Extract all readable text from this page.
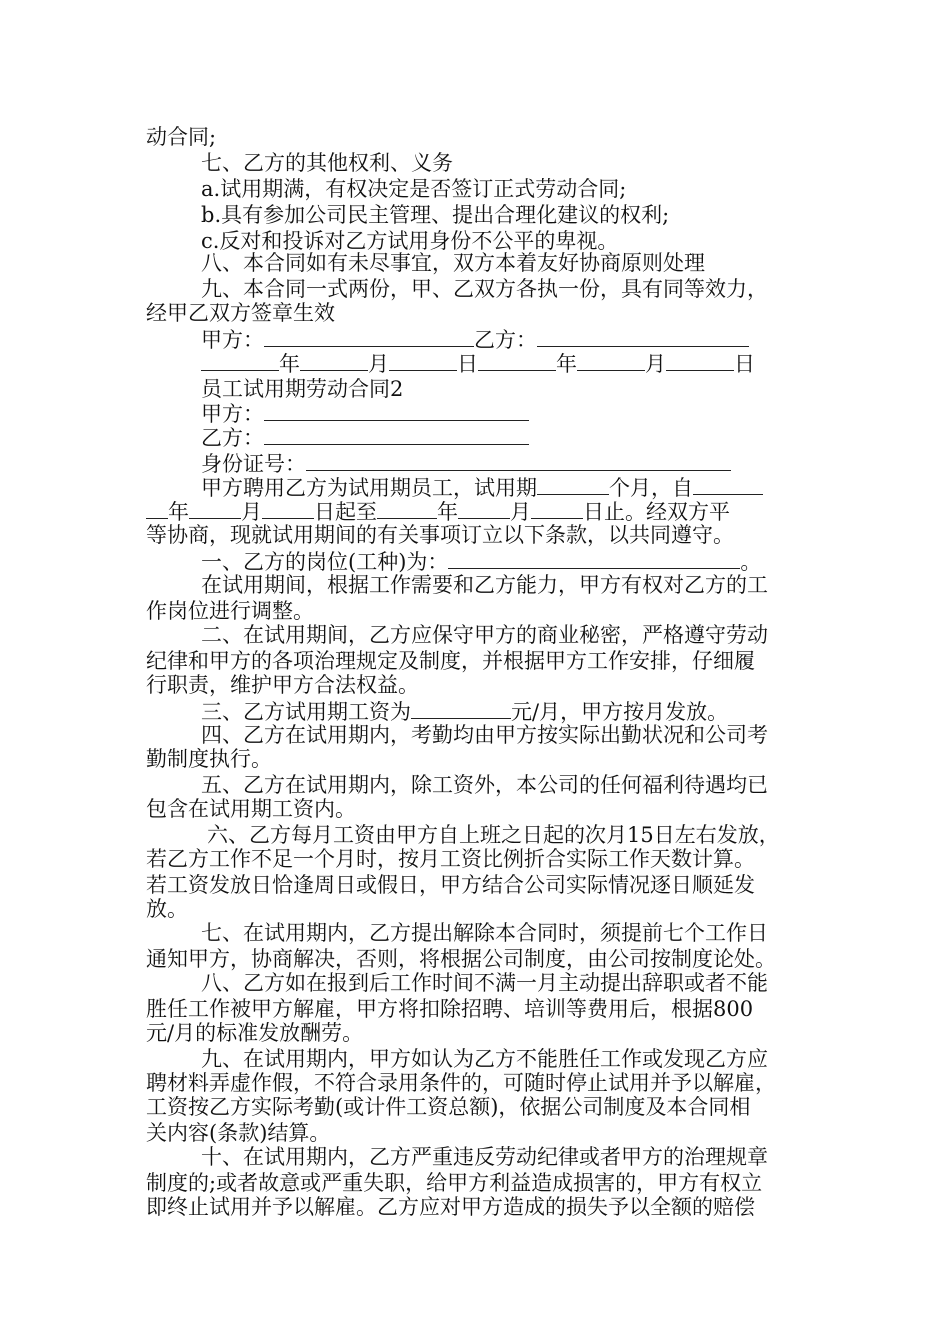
动合同;
七、乙方的其他权利、义务
a.试用期满，有权决定是否签订正式劳动合同;
b.具有参加公司民主管理、提出合理化建议的权利;
c.反对和投诉对乙方试用身份不公平的卑视。
八、本合同如有未尽事宜，双方本着友好协商原则处理
九、本合同一式两份，甲、乙双方各执一份，具有同等效力，
经甲乙双方签章生效
甲方：	乙方：
年	月	日	年	月	日
员工试用期劳动合同2
甲方：
乙方：
身份证号：
甲方聘用乙方为试用期员工，试用期	个月，自
年 月 日起至	年 月 日止。经双方平
等协商，现就试用期间的有关事项订立以下条款，以共同遵守。
一、乙方的岗位(工种)为：	。
在试用期间，根据工作需要和乙方能力，甲方有权对乙方的工
作岗位进行调整。
二、在试用期间，乙方应保守甲方的商业秘密，严格遵守劳动
纪律和甲方的各项治理规定及制度，并根据甲方工作安排，仔细履
行职责，维护甲方合法权益。
三、乙方试用期工资为	元/月，甲方按月发放。
四、乙方在试用期内，考勤均由甲方按实际出勤状况和公司考
勤制度执行。
五、乙方在试用期内，除工资外，本公司的任何福利待遇均已
包含在试用期工资内。
六、乙方每月工资由甲方自上班之日起的次月15日左右发放，
若乙方工作不足一个月时，按月工资比例折合实际工作天数计算。
若工资发放日恰逢周日或假日，甲方结合公司实际情况逐日顺延发
放。
七、在试用期内，乙方提出解除本合同时，须提前七个工作日
通知甲方，协商解决，否则，将根据公司制度，由公司按制度论处。
八、乙方如在报到后工作时间不满一月主动提出辞职或者不能
胜任工作被甲方解雇，甲方将扣除招聘、培训等费用后，根据800
元/月的标准发放酬劳。
九、在试用期内，甲方如认为乙方不能胜任工作或发现乙方应
聘材料弄虚作假，不符合录用条件的，可随时停止试用并予以解雇，
工资按乙方实际考勤(或计件工资总额)，依据公司制度及本合同相
关内容(条款)结算。
十、在试用期内，乙方严重违反劳动纪律或者甲方的治理规章
制度的;或者故意或严重失职，给甲方利益造成损害的，甲方有权立
即终止试用并予以解雇。乙方应对甲方造成的损失予以全额的赔偿
